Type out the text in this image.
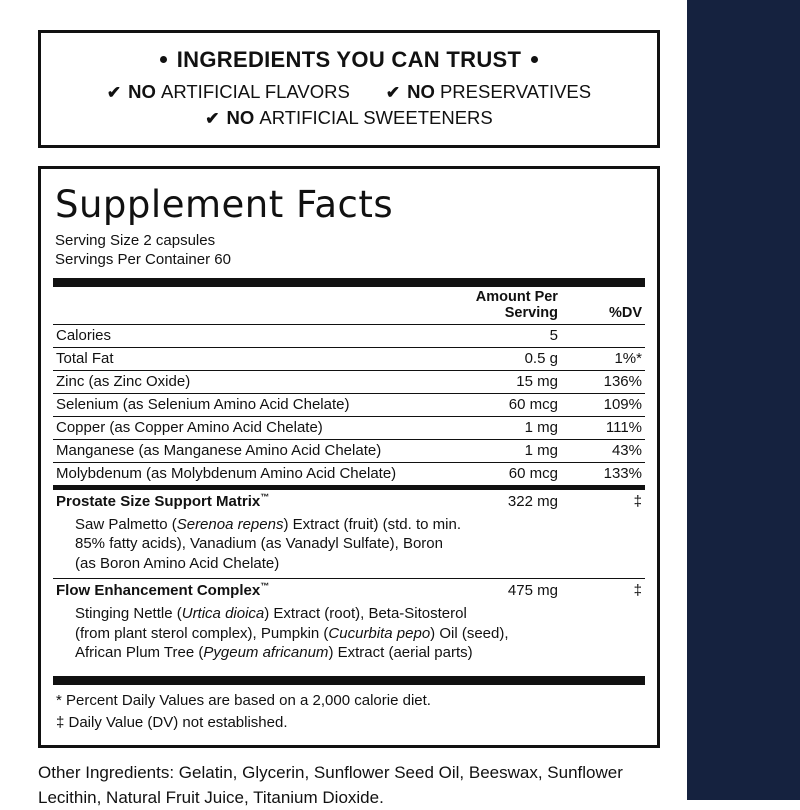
INGREDIENTS YOU CAN TRUST
✔ NO ARTIFICIAL FLAVORS ✔ NO PRESERVATIVES
✔ NO ARTIFICIAL SWEETENERS
Supplement Facts
Serving Size 2 capsules
Servings Per Container 60
	Amount Per Serving	%DV
Calories	5	
Total Fat	0.5 g	1%*
Zinc (as Zinc Oxide)	15 mg	136%
Selenium (as Selenium Amino Acid Chelate)	60 mcg	109%
Copper (as Copper Amino Acid Chelate)	1 mg	111%
Manganese (as Manganese Amino Acid Chelate)	1 mg	43%
Molybdenum (as Molybdenum Amino Acid Chelate)	60 mcg	133%
Prostate Size Support Matrix™	322 mg	‡
Saw Palmetto (Serenoa repens) Extract (fruit) (std. to min.
85% fatty acids), Vanadium (as Vanadyl Sulfate), Boron
(as Boron Amino Acid Chelate)
Flow Enhancement Complex™	475 mg	‡
Stinging Nettle (Urtica dioica) Extract (root), Beta-Sitosterol
(from plant sterol complex), Pumpkin (Cucurbita pepo) Oil (seed),
African Plum Tree (Pygeum africanum) Extract (aerial parts)
* Percent Daily Values are based on a 2,000 calorie diet.
‡ Daily Value (DV) not established.
Other Ingredients: Gelatin, Glycerin, Sunflower Seed Oil, Beeswax, Sunflower Lecithin, Natural Fruit Juice, Titanium Dioxide.
